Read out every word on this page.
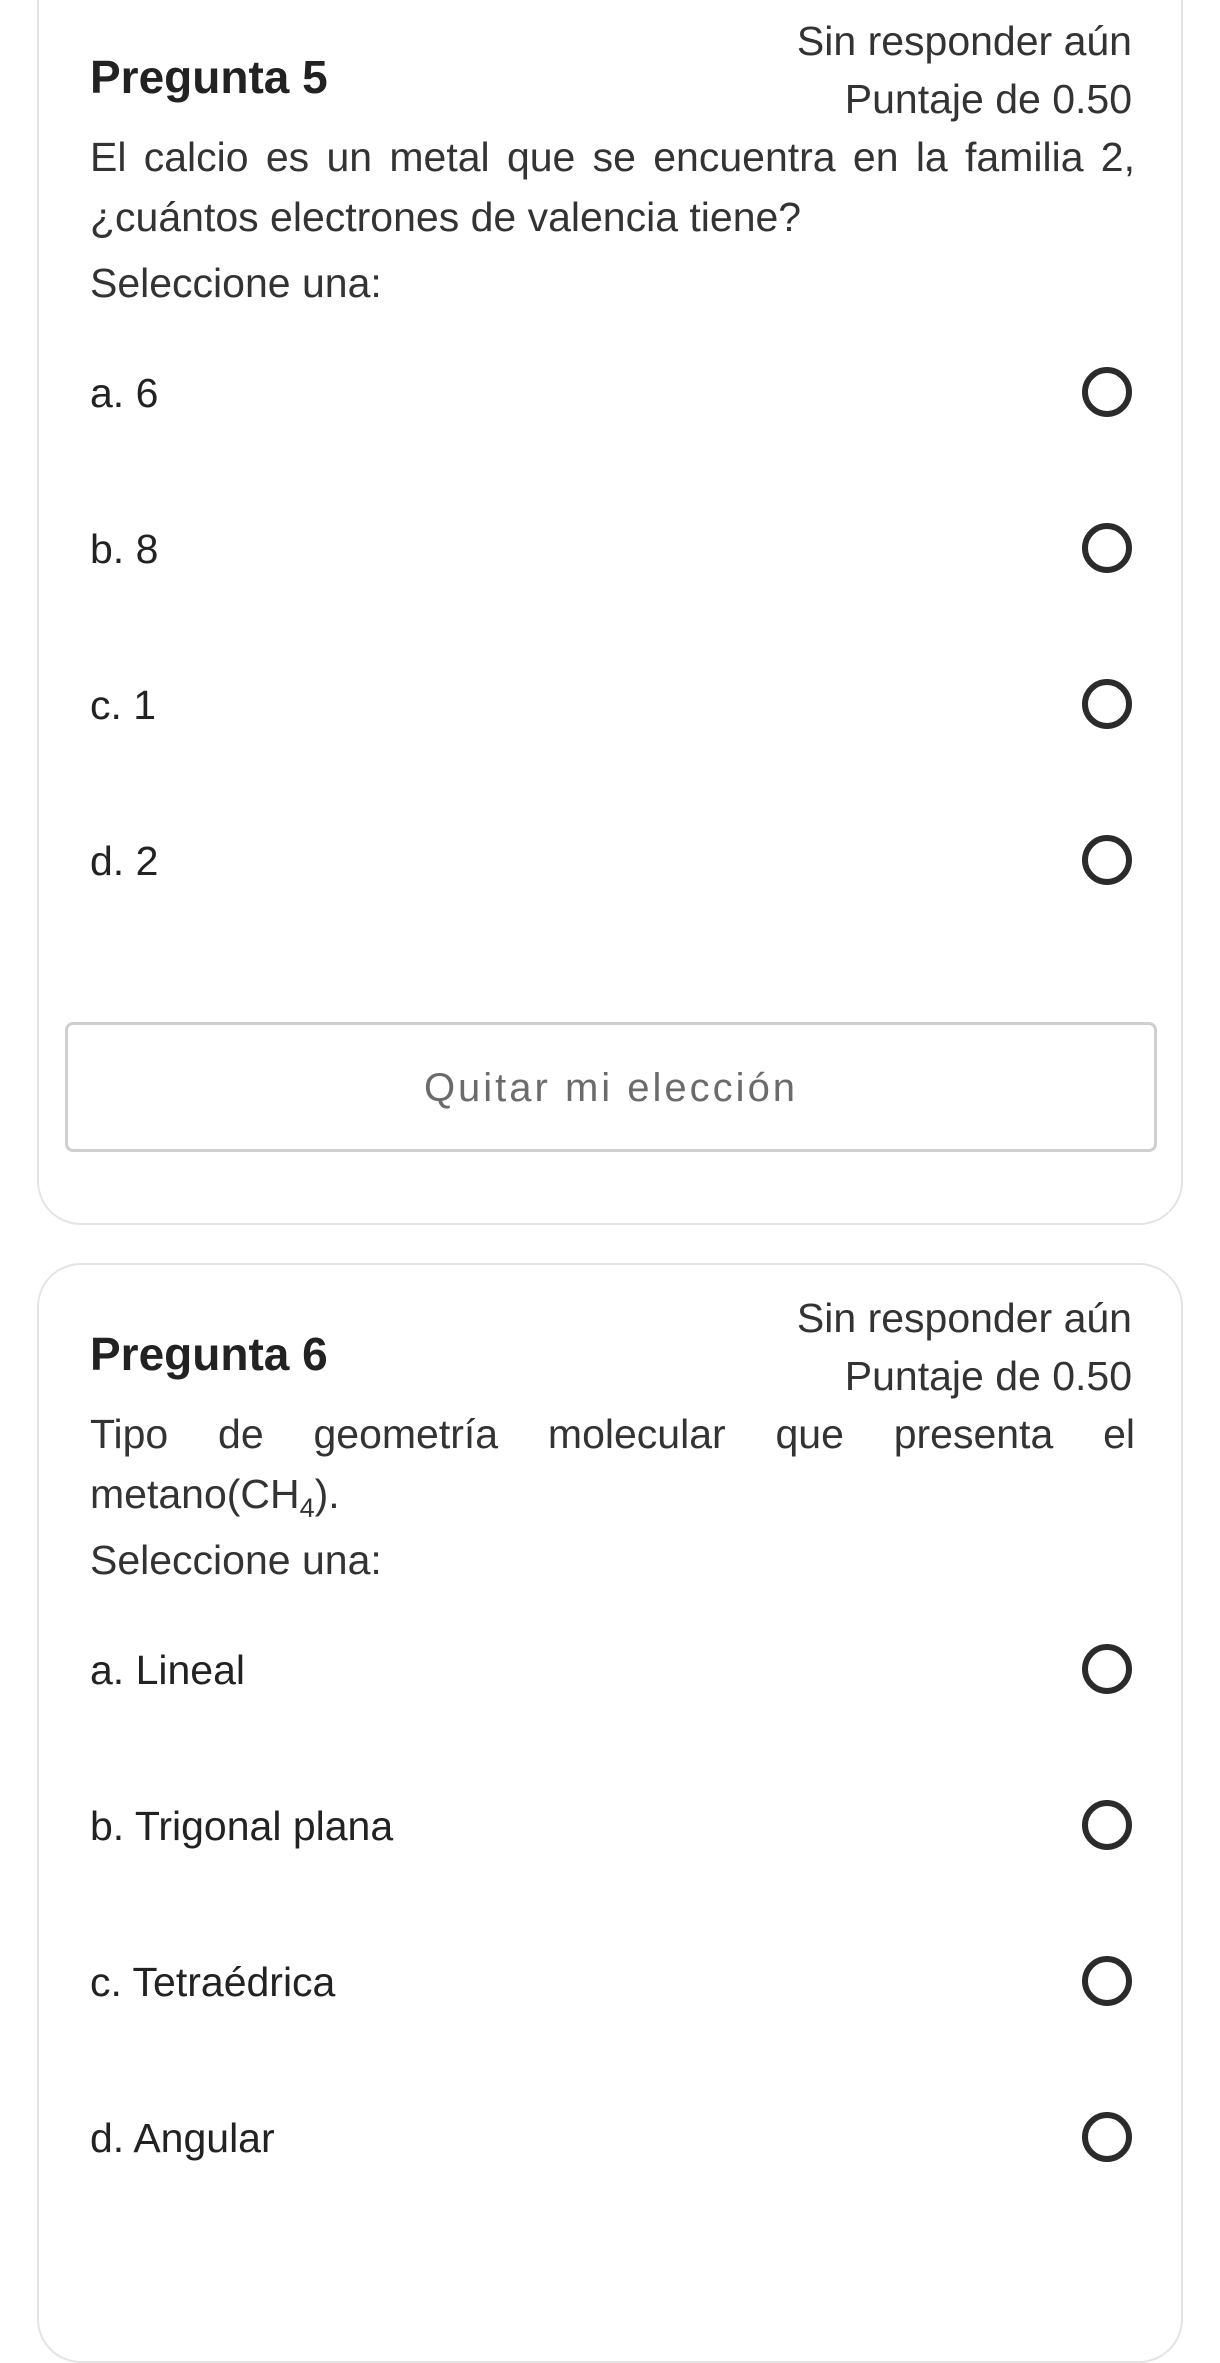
Pregunta 5
Sin responder aún
Puntaje de 0.50
El calcio es un metal que se encuentra en la familia 2, ¿cuántos electrones de valencia tiene?
Seleccione una:
a. 6
b. 8
c. 1
d. 2
Quitar mi elección
Pregunta 6
Sin responder aún
Puntaje de 0.50
Tipo de geometría molecular que presenta el $metano(CH_4)$.
Seleccione una:
a. Lineal
b. Trigonal plana
c. Tetraédrica
d. Angular
